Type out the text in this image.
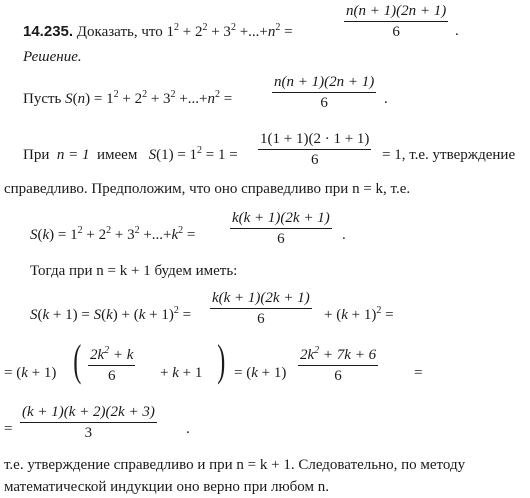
14.235. Доказать, что $1^2 + 2^2 + 3^2 +...+n^2$ =	$\frac{n(n + 1)(2n + 1)}{6}$ .
Решение.
Пусть $S(n) = 1^2 + 2^2 + 3^2 +...+n^2$ =	$\frac{n(n + 1)(2n + 1)}{6}$ .
При n = 1 имеем $S(1) = 1^2 = 1 = \frac{1(1 + 1)(2 \cdot 1 + 1)}{6} = 1$, т.е. утверждение
справедливо. Предположим, что оно справедливо при n = k, т.е.
$S(k) = 1^2 + 2^2 + 3^2 +...+k^2 = \frac{k(k + 1)(2k + 1)}{6}$ .
Тогда при n = k + 1 будем иметь:
$S(k + 1) = S(k) + (k + 1)^2 = \frac{k(k + 1)(2k + 1)}{6} + (k + 1)^2$ =
= (k + 1) ( $\frac{2k^2 + k}{6} + k + 1$ ) = $(k + 1) \frac{2k^2 + 7k + 6}{6}$ =
= $\frac{(k + 1)(k + 2)(2k + 3)}{3}$ .
т.е. утверждение справедливо и при n = k + 1. Следовательно, по методу
математической индукции оно верно при любом n.
